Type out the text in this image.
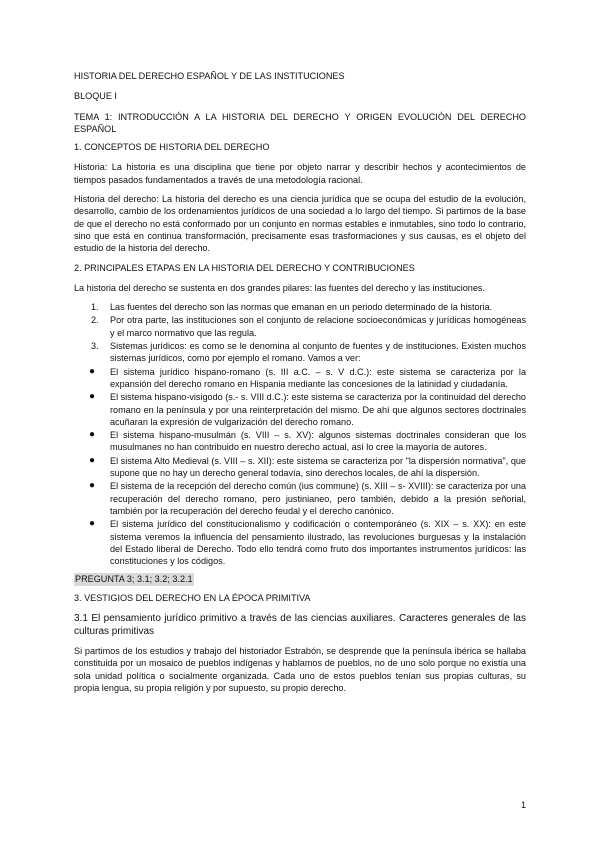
HISTORIA DEL DERECHO ESPAÑOL Y DE LAS INSTITUCIONES
BLOQUE I
TEMA 1: INTRODUCCIÓN A LA HISTORIA DEL DERECHO Y ORIGEN EVOLUCIÓN DEL DERECHO ESPAÑOL
1. CONCEPTOS DE HISTORIA DEL DERECHO
Historia: La historia es una disciplina que tiene por objeto narrar y describir hechos y acontecimientos de tiempos pasados fundamentados a través de una metodología racional.
Historia del derecho: La historia del derecho es una ciencia jurídica que se ocupa del estudio de la evolución, desarrollo, cambio de los ordenamientos jurídicos de una sociedad a lo largo del tiempo. Si partimos de la base de que el derecho no está conformado por un conjunto en normas estables e inmutables, sino todo lo contrario, sino que está en continua transformación, precisamente esas trasformaciones y sus causas, es el objeto del estudio de la historia del derecho.
2. PRINCIPALES ETAPAS EN LA HISTORIA DEL DERECHO Y CONTRIBUCIONES
La historia del derecho se sustenta en dos grandes pilares: las fuentes del derecho y las instituciones.
1. Las fuentes del derecho son las normas que emanan en un periodo determinado de la historia.
2. Por otra parte, las instituciones son el conjunto de relacione socioeconómicas y jurídicas homogéneas y el marco normativo que las regula.
3. Sistemas jurídicos: es como se le denomina al conjunto de fuentes y de instituciones. Existen muchos sistemas jurídicos, como por ejemplo el romano. Vamos a ver:
● El sistema jurídico hispano-romano (s. III a.C. – s. V d.C.): este sistema se caracteriza por la expansión del derecho romano en Hispania mediante las concesiones de la latinidad y ciudadanía.
● El sistema hispano-visigodo (s.- s. VIII d.C.): este sistema se caracteriza por la continuidad del derecho romano en la península y por una reinterpretación del mismo. De ahí que algunos sectores doctrinales acuñaran la expresión de vulgarización del derecho romano.
● El sistema hispano-musulmán (s. VIII – s. XV): algunos sistemas doctrinales consideran que los musulmanes no han contribuido en nuestro derecho actual, así lo cree la mayoría de autores.
● El sistema Alto Medieval (s. VIII – s. XII): este sistema se caracteriza por "la dispersión normativa", que supone que no hay un derecho general todavía, sino derechos locales, de ahí la dispersión.
● El sistema de la recepción del derecho común (ius commune) (s. XIII – s- XVIII): se caracteriza por una recuperación del derecho romano, pero justinianeo, pero también, debido a la presión señorial, también por la recuperación del derecho feudal y el derecho canónico.
● El sistema jurídico del constitucionalismo y codificación o contemporáneo (s. XIX – s. XX): en este sistema veremos la influencia del pensamiento ilustrado, las revoluciones burguesas y la instalación del Estado liberal de Derecho. Todo ello tendrá como fruto dos importantes instrumentos jurídicos: las constituciones y los códigos.
PREGUNTA 3; 3.1; 3.2; 3.2.1
3. VESTIGIOS DEL DERECHO EN LA ÉPOCA PRIMITIVA
3.1 El pensamiento jurídico primitivo a través de las ciencias auxiliares. Caracteres generales de las culturas primitivas
Si partimos de los estudios y trabajo del historiador Estrabón, se desprende que la península ibérica se hallaba constituida por un mosaico de pueblos indígenas y hablamos de pueblos, no de uno solo porque no existía una sola unidad política o socialmente organizada. Cada uno de estos pueblos tenían sus propias culturas, su propia lengua, su propia religión y por supuesto, su propio derecho.
1
